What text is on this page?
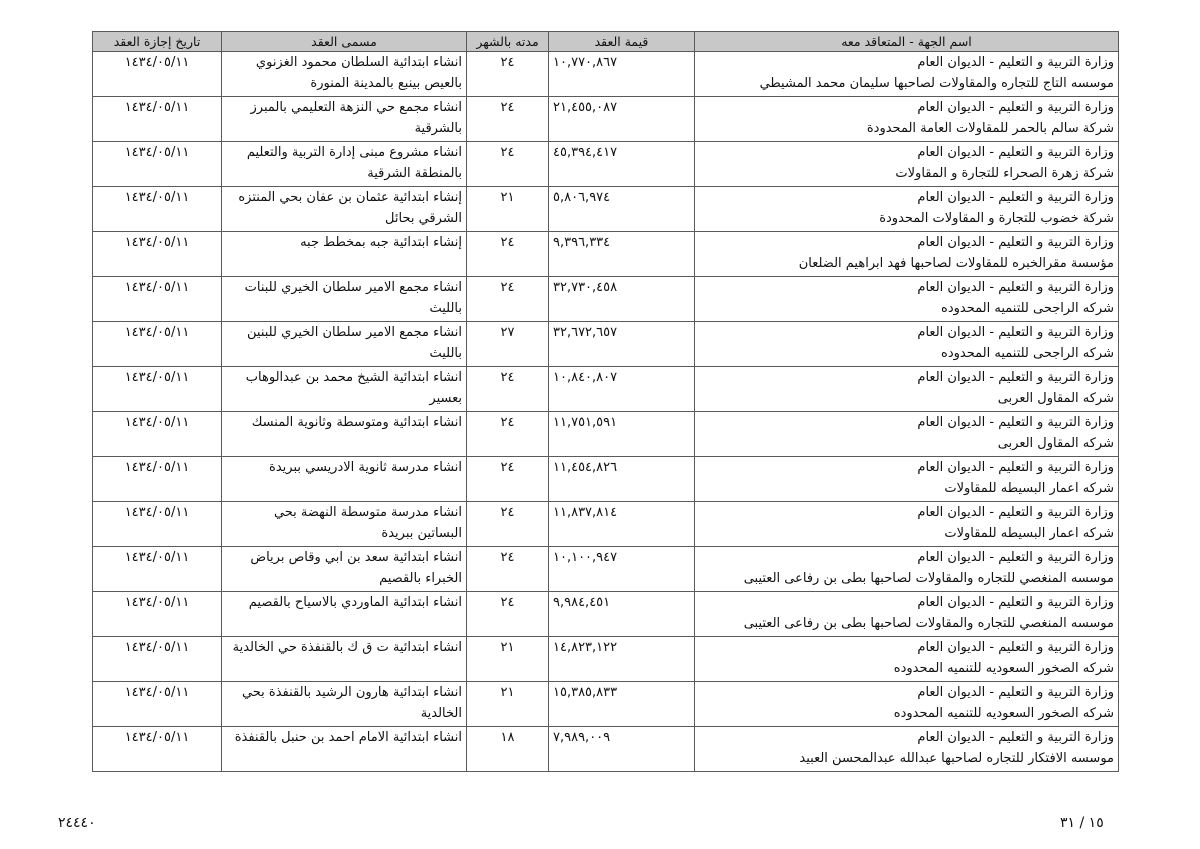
اسم الجهة - المتعاقد معه	قيمة العقد	مدته بالشهر	مسمى العقد	تاريخ إجازة العقد

وزارة التربية و التعليم - الديوان العام
موسسه التاج للتجاره والمقاولات لصاحبها سليمان محمد المشيطي	١٠,٧٧٠,٨٦٧	٢٤	انشاء ابتدائية السلطان محمود الغزنوي بالعيص بينبع بالمدينة المنورة	١٤٣٤/٠٥/١١

وزارة التربية و التعليم - الديوان العام
شركة سالم بالحمر للمقاولات العامة المحدودة	٢١,٤٥٥,٠٨٧	٢٤	انشاء مجمع حي النزهة التعليمي بالمبرز بالشرقية	١٤٣٤/٠٥/١١

وزارة التربية و التعليم - الديوان العام
شركة زهرة الصحراء للتجارة و المقاولات	٤٥,٣٩٤,٤١٧	٢٤	انشاء مشروع مبنى إدارة التربية والتعليم بالمنطقة الشرقية	١٤٣٤/٠٥/١١

وزارة التربية و التعليم - الديوان العام
شركة خضوب للتجارة و المقاولات المحدودة	٥,٨٠٦,٩٧٤	٢١	إنشاء ابتدائية عثمان بن عفان بحي المنتزه الشرقي بحائل	١٤٣٤/٠٥/١١

وزارة التربية و التعليم - الديوان العام
مؤسسة مقرالخبره للمقاولات لصاحبها فهد ابراهيم الضلعان	٩,٣٩٦,٣٣٤	٢٤	إنشاء ابتدائية جبه بمخطط جبه	١٤٣٤/٠٥/١١

وزارة التربية و التعليم - الديوان العام
شركه الراجحى للتنميه المحدوده	٣٢,٧٣٠,٤٥٨	٢٤	انشاء مجمع الامير سلطان الخيري للبنات بالليث	١٤٣٤/٠٥/١١

وزارة التربية و التعليم - الديوان العام
شركه الراجحى للتنميه المحدوده	٣٢,٦٧٢,٦٥٧	٢٧	انشاء مجمع الامير سلطان الخيري للبنين بالليث	١٤٣٤/٠٥/١١

وزارة التربية و التعليم - الديوان العام
شركه المقاول العربى	١٠,٨٤٠,٨٠٧	٢٤	انشاء ابتدائية الشيخ محمد بن عبدالوهاب بعسير	١٤٣٤/٠٥/١١

وزارة التربية و التعليم - الديوان العام
شركه المقاول العربى	١١,٧٥١,٥٩١	٢٤	انشاء ابتدائية ومتوسطة وثانوية المنسك	١٤٣٤/٠٥/١١

وزارة التربية و التعليم - الديوان العام
شركه اعمار البسيطه للمقاولات	١١,٤٥٤,٨٢٦	٢٤	انشاء مدرسة ثانوية الادريسي ببريدة	١٤٣٤/٠٥/١١

وزارة التربية و التعليم - الديوان العام
شركه اعمار البسيطه للمقاولات	١١,٨٣٧,٨١٤	٢٤	انشاء مدرسة متوسطة النهضة بحي البساتين ببريدة	١٤٣٤/٠٥/١١

وزارة التربية و التعليم - الديوان العام
موسسه المنغصي للتجاره والمقاولات لصاحبها بطى بن رفاعى العتيبى	١٠,١٠٠,٩٤٧	٢٤	انشاء ابتدائية سعد بن ابي وقاص برياض الخبراء بالقصيم	١٤٣٤/٠٥/١١

وزارة التربية و التعليم - الديوان العام
موسسه المنغصي للتجاره والمقاولات لصاحبها بطى بن رفاعى العتيبى	٩,٩٨٤,٤٥١	٢٤	انشاء ابتدائية الماوردي بالاسياح بالقصيم	١٤٣٤/٠٥/١١

وزارة التربية و التعليم - الديوان العام
شركه الصخور السعوديه للتنميه المحدوده	١٤,٨٢٣,١٢٢	٢١	انشاء ابتدائية ت ق ك بالقنفذة حي الخالدية	١٤٣٤/٠٥/١١

وزارة التربية و التعليم - الديوان العام
شركه الصخور السعوديه للتنميه المحدوده	١٥,٣٨٥,٨٣٣	٢١	انشاء ابتدائية هارون الرشيد بالقنفذة بحي الخالدية	١٤٣٤/٠٥/١١

وزارة التربية و التعليم - الديوان العام
موسسه الافتكار للتجاره لصاحبها عبدالله عبدالمحسن العبيد	٧,٩٨٩,٠٠٩	١٨	انشاء ابتدائية الامام احمد بن حنبل بالقنفذة	١٤٣٤/٠٥/١١
١٥ / ٣١
٢٤٤٤٠
